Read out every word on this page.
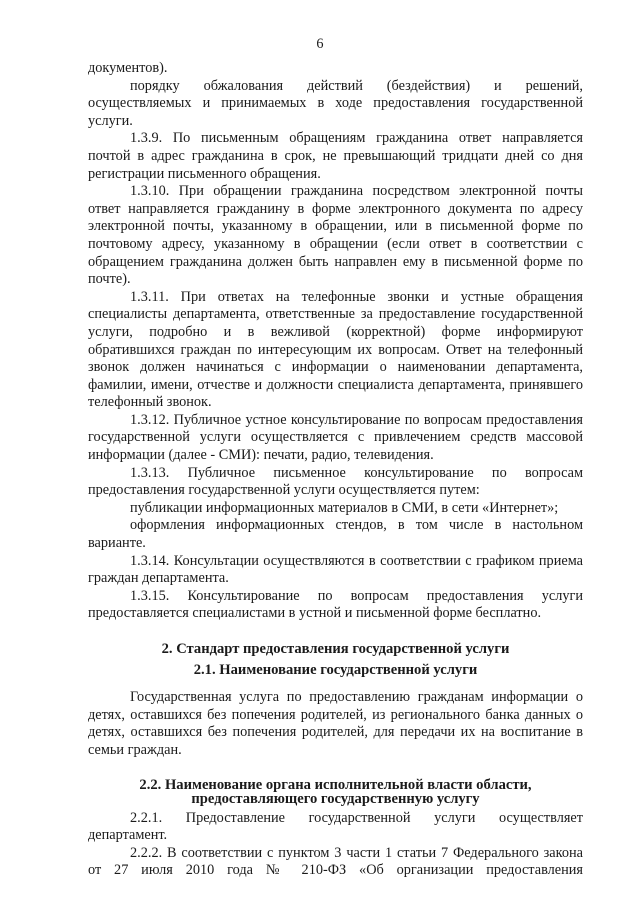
6

документов).

порядку обжалования действий (бездействия) и решений, осуществляемых и принимаемых в ходе предоставления государственной услуги.

1.3.9. По письменным обращениям гражданина ответ направляется почтой в адрес гражданина в срок, не превышающий тридцати дней со дня регистрации письменного обращения.

1.3.10. При обращении гражданина посредством электронной почты ответ направляется гражданину в форме электронного документа по адресу электронной почты, указанному в обращении, или в письменной форме по почтовому адресу, указанному в обращении (если ответ в соответствии с обращением гражданина должен быть направлен ему в письменной форме по почте).

1.3.11. При ответах на телефонные звонки и устные обращения специалисты департамента, ответственные за предоставление государственной услуги, подробно и в вежливой (корректной) форме информируют обратившихся граждан по интересующим их вопросам. Ответ на телефонный звонок должен начинаться с информации о наименовании департамента, фамилии, имени, отчестве и должности специалиста департамента, принявшего телефонный звонок.

1.3.12. Публичное устное консультирование по вопросам предоставления государственной услуги осуществляется с привлечением средств массовой информации (далее - СМИ): печати, радио, телевидения.

1.3.13. Публичное письменное консультирование по вопросам предоставления государственной услуги осуществляется путем:

публикации информационных материалов в СМИ, в сети «Интернет»;

оформления информационных стендов, в том числе в настольном варианте.

1.3.14. Консультации осуществляются в соответствии с графиком приема граждан департамента.

1.3.15. Консультирование по вопросам предоставления услуги предоставляется специалистами в устной и письменной форме бесплатно.

2. Стандарт предоставления государственной услуги
2.1. Наименование государственной услуги

Государственная услуга по предоставлению гражданам информации о детях, оставшихся без попечения родителей, из регионального банка данных о детях, оставшихся без попечения родителей, для передачи их на воспитание в семьи граждан.

2.2. Наименование органа исполнительной власти области,
предоставляющего государственную услугу

2.2.1. Предоставление государственной услуги осуществляет департамент.

2.2.2. В соответствии с пунктом 3 части 1 статьи 7 Федерального закона от 27 июля 2010 года № 210-ФЗ «Об организации предоставления
